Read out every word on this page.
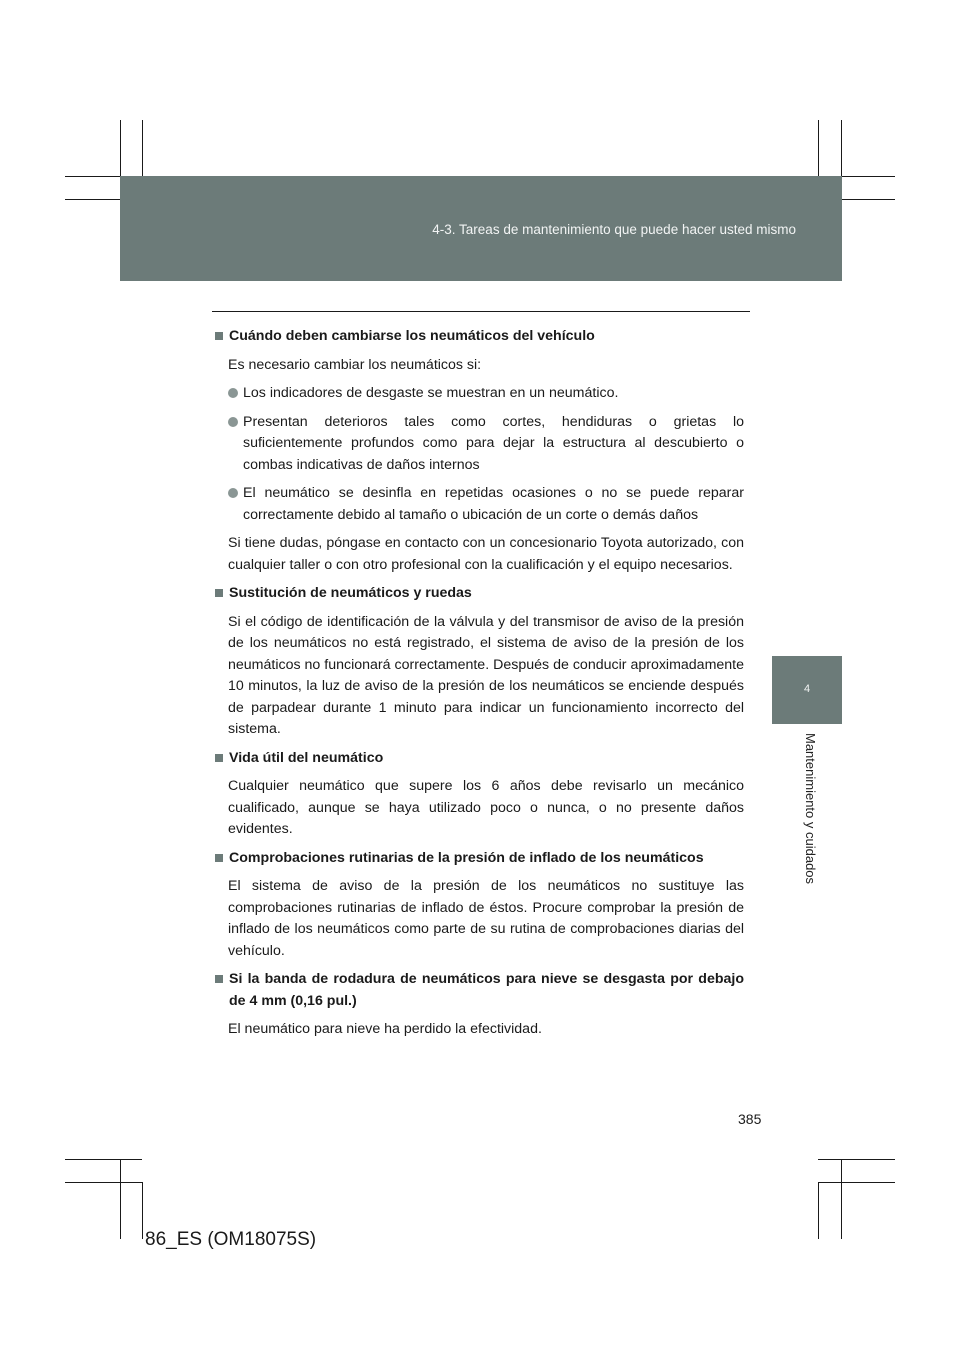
4-3. Tareas de mantenimiento que puede hacer usted mismo
4
Mantenimiento y cuidados
Cuándo deben cambiarse los neumáticos del vehículo

Es necesario cambiar los neumáticos si:

Los indicadores de desgaste se muestran en un neumático.
Presentan deterioros tales como cortes, hendiduras o grietas lo suficientemente profundos como para dejar la estructura al descubierto o combas indicativas de daños internos
El neumático se desinfla en repetidas ocasiones o no se puede reparar correctamente debido al tamaño o ubicación de un corte o demás daños

Si tiene dudas, póngase en contacto con un concesionario Toyota autorizado, con cualquier taller o con otro profesional con la cualificación y el equipo necesarios.

Sustitución de neumáticos y ruedas

Si el código de identificación de la válvula y del transmisor de aviso de la presión de los neumáticos no está registrado, el sistema de aviso de la presión de los neumáticos no funcionará correctamente. Después de conducir aproximadamente 10 minutos, la luz de aviso de la presión de los neumáticos se enciende después de parpadear durante 1 minuto para indicar un funcionamiento incorrecto del sistema.

Vida útil del neumático

Cualquier neumático que supere los 6 años debe revisarlo un mecánico cualificado, aunque se haya utilizado poco o nunca, o no presente daños evidentes.

Comprobaciones rutinarias de la presión de inflado de los neumáticos

El sistema de aviso de la presión de los neumáticos no sustituye las comprobaciones rutinarias de inflado de éstos. Procure comprobar la presión de inflado de los neumáticos como parte de su rutina de comprobaciones diarias del vehículo.

Si la banda de rodadura de neumáticos para nieve se desgasta por debajo de 4 mm (0,16 pul.)

El neumático para nieve ha perdido la efectividad.

385
86_ES (OM18075S)
